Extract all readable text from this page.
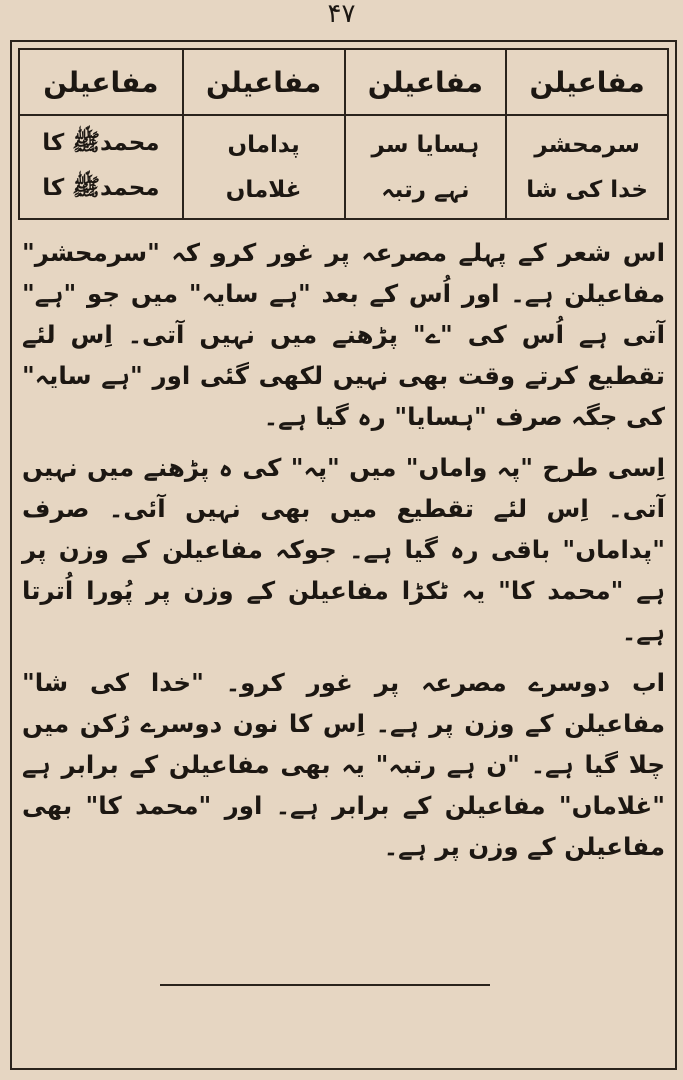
۴۷
مفاعیلن
مفاعیلن
مفاعیلن
مفاعیلن
سرمحشر
خدا کی شا
ہسایا سر
نہے رتبہ
پداماں
غلاماں
محمدﷺ کا
محمدﷺ کا

اس شعر کے پہلے مصرعہ پر غور کرو کہ "سرمحشر" مفاعیلن ہے۔ اور اُس کے بعد "ہے سایہ" میں جو "ہے" آتی ہے اُس کی "ے" پڑھنے میں نہیں آتی۔ اِس لئے تقطیع کرتے وقت بھی نہیں لکھی گئی اور "ہے سایہ" کی جگہ صرف "ہسایا" رہ گیا ہے۔

اِسی طرح "پہ واماں" میں "پہ" کی ہ پڑھنے میں نہیں آتی۔ اِس لئے تقطیع میں بھی نہیں آئی۔ صرف "پداماں" باقی رہ گیا ہے۔ جوکہ مفاعیلن کے وزن پر ہے "محمد کا" یہ ٹکڑا مفاعیلن کے وزن پر پُورا اُترتا ہے۔

اب دوسرے مصرعہ پر غور کرو۔ "خدا کی شا" مفاعیلن کے وزن پر ہے۔ اِس کا نون دوسرے رُکن میں چلا گیا ہے۔ "ن ہے رتبہ" یہ بھی مفاعیلن کے برابر ہے "غلاماں" مفاعیلن کے برابر ہے۔ اور "محمد کا" بھی مفاعیلن کے وزن پر ہے۔
